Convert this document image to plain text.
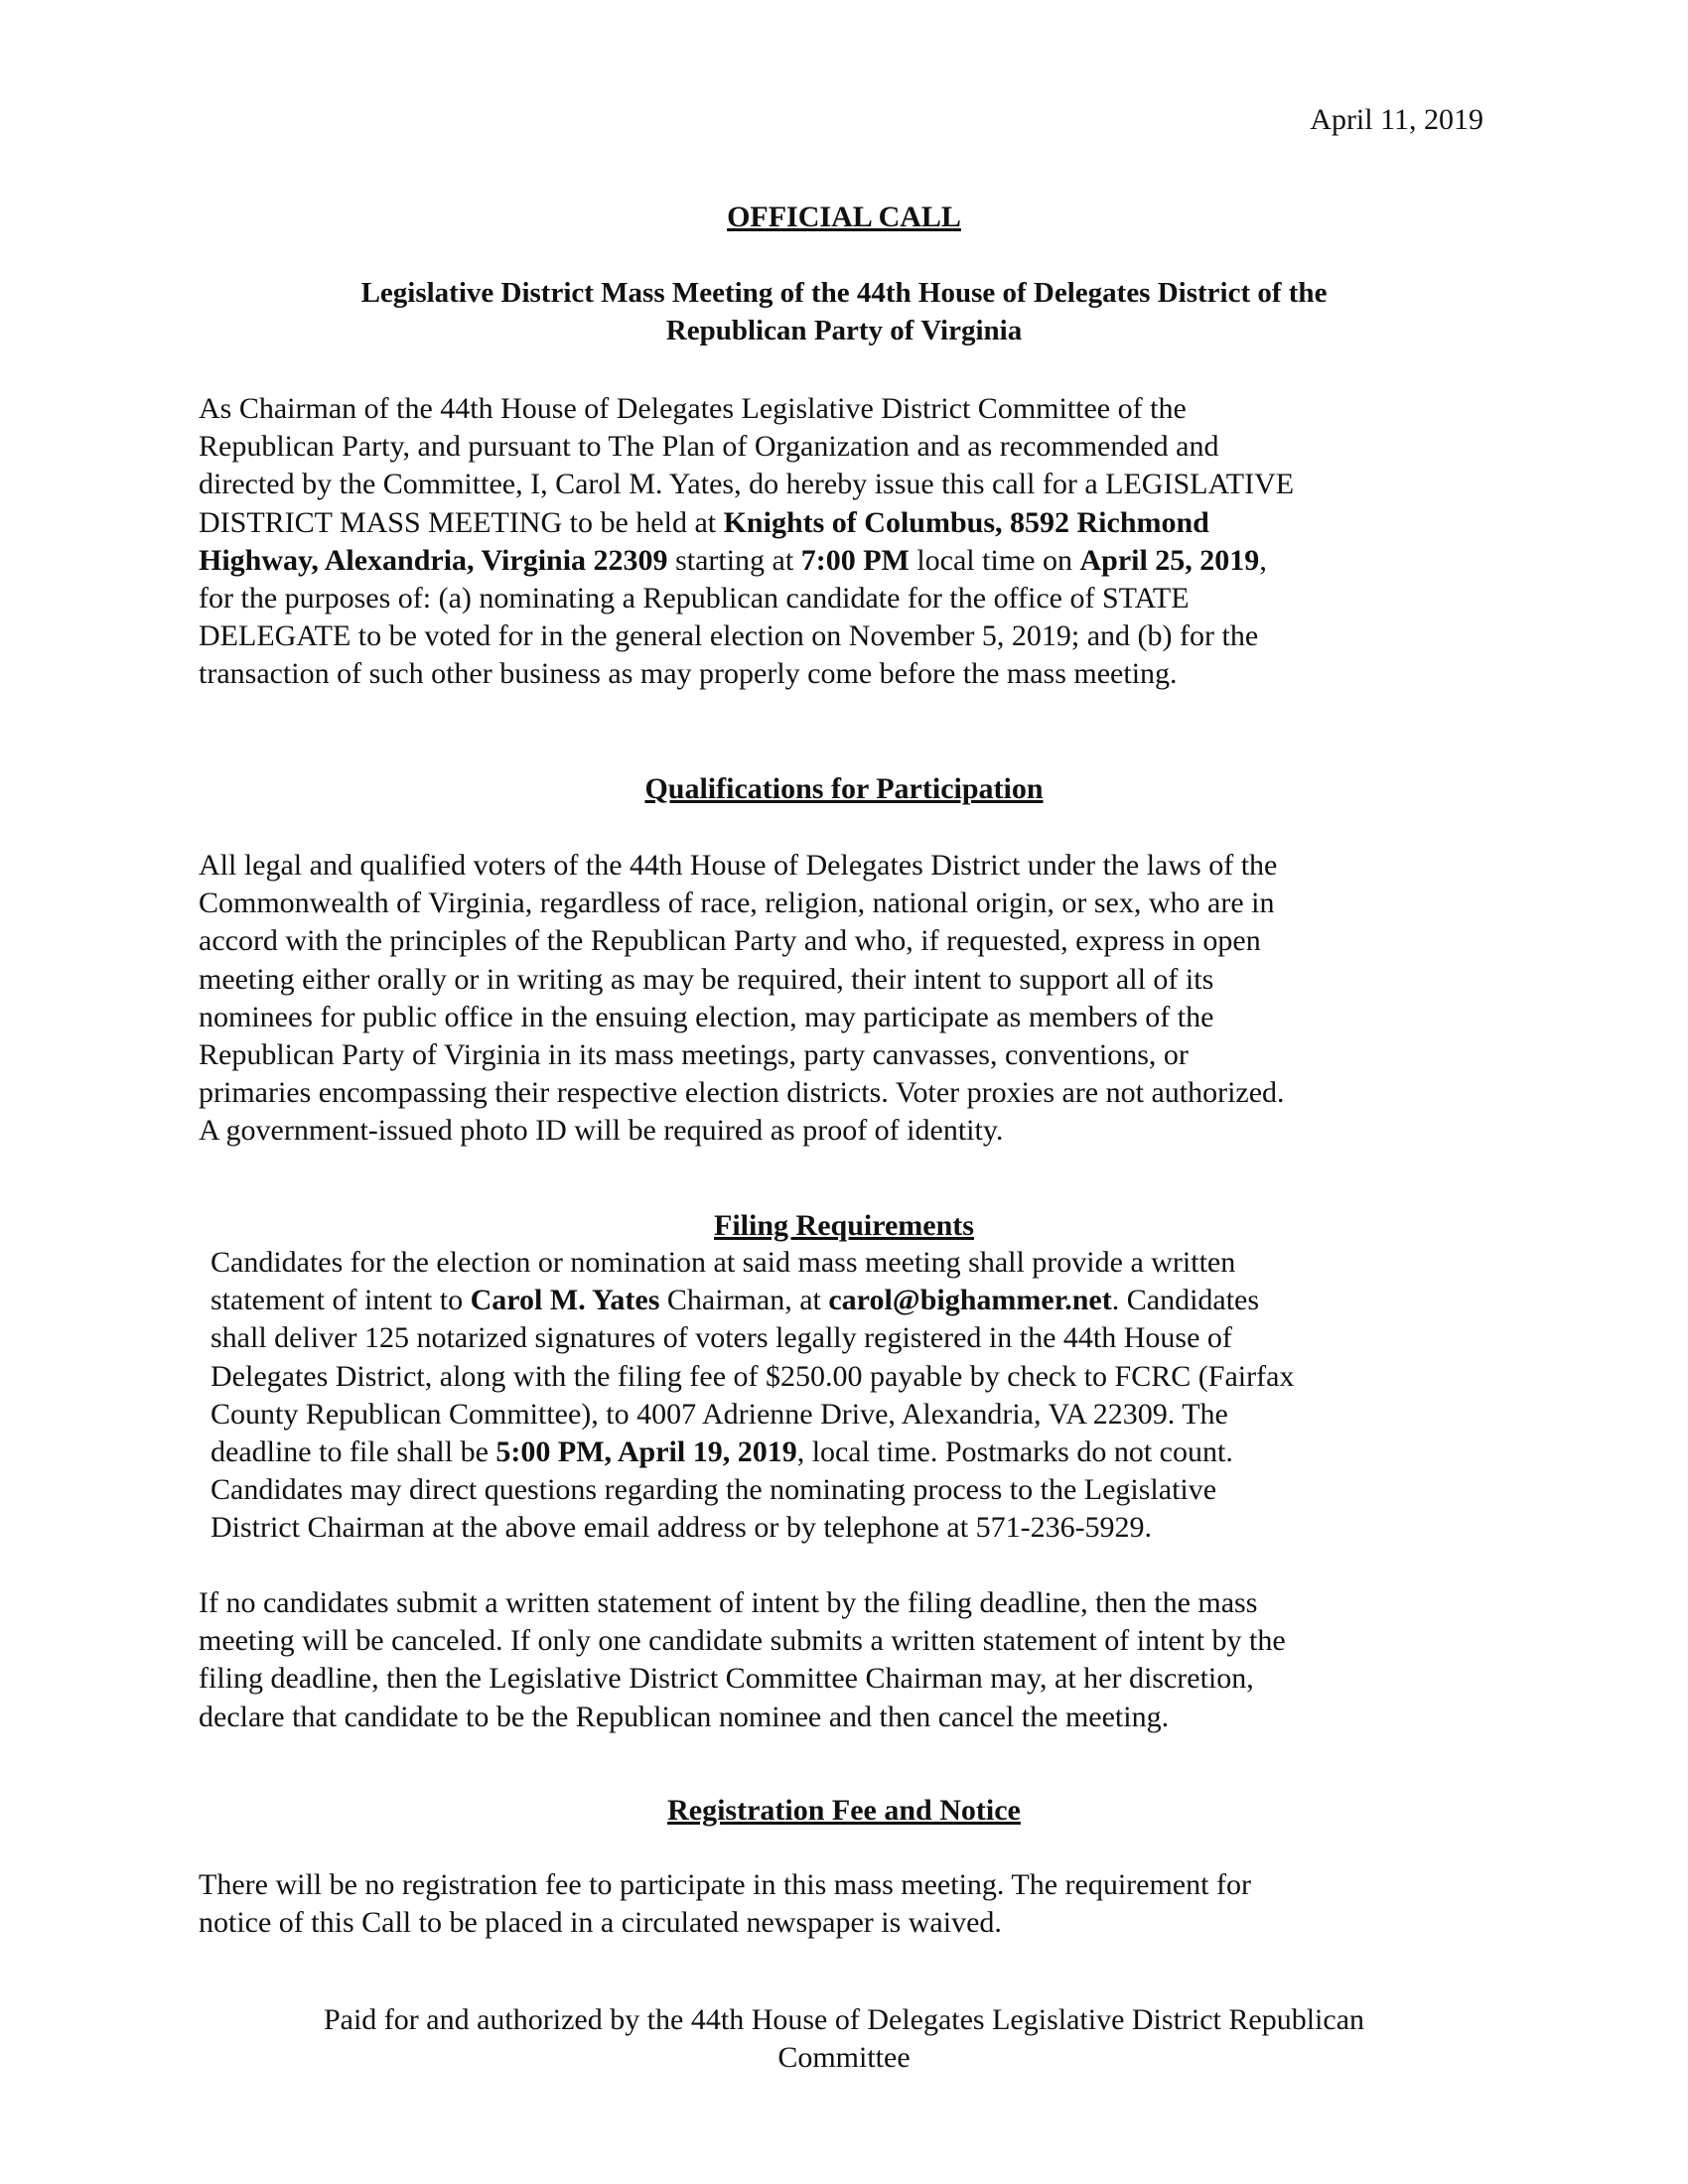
April 11, 2019
OFFICIAL CALL
Legislative District Mass Meeting of the 44th House of Delegates District of the
Republican Party of Virginia
As Chairman of the 44th House of Delegates Legislative District Committee of the
Republican Party, and pursuant to The Plan of Organization and as recommended and
directed by the Committee, I, Carol M. Yates, do hereby issue this call for a LEGISLATIVE
DISTRICT MASS MEETING to be held at Knights of Columbus, 8592 Richmond
Highway, Alexandria, Virginia 22309 starting at 7:00 PM local time on April 25, 2019,
for the purposes of: (a) nominating a Republican candidate for the office of STATE
DELEGATE to be voted for in the general election on November 5, 2019; and (b) for the
transaction of such other business as may properly come before the mass meeting.
Qualifications for Participation
All legal and qualified voters of the 44th House of Delegates District under the laws of the
Commonwealth of Virginia, regardless of race, religion, national origin, or sex, who are in
accord with the principles of the Republican Party and who, if requested, express in open
meeting either orally or in writing as may be required, their intent to support all of its
nominees for public office in the ensuing election, may participate as members of the
Republican Party of Virginia in its mass meetings, party canvasses, conventions, or
primaries encompassing their respective election districts. Voter proxies are not authorized.
A government-issued photo ID will be required as proof of identity.
Filing Requirements
Candidates for the election or nomination at said mass meeting shall provide a written
statement of intent to Carol M. Yates Chairman, at carol@bighammer.net. Candidates
shall deliver 125 notarized signatures of voters legally registered in the 44th House of
Delegates District, along with the filing fee of $250.00 payable by check to FCRC (Fairfax
County Republican Committee), to 4007 Adrienne Drive, Alexandria, VA 22309. The
deadline to file shall be 5:00 PM, April 19, 2019, local time. Postmarks do not count.
Candidates may direct questions regarding the nominating process to the Legislative
District Chairman at the above email address or by telephone at 571-236-5929.
If no candidates submit a written statement of intent by the filing deadline, then the mass
meeting will be canceled. If only one candidate submits a written statement of intent by the
filing deadline, then the Legislative District Committee Chairman may, at her discretion,
declare that candidate to be the Republican nominee and then cancel the meeting.
Registration Fee and Notice
There will be no registration fee to participate in this mass meeting. The requirement for
notice of this Call to be placed in a circulated newspaper is waived.
Paid for and authorized by the 44th House of Delegates Legislative District Republican
Committee
